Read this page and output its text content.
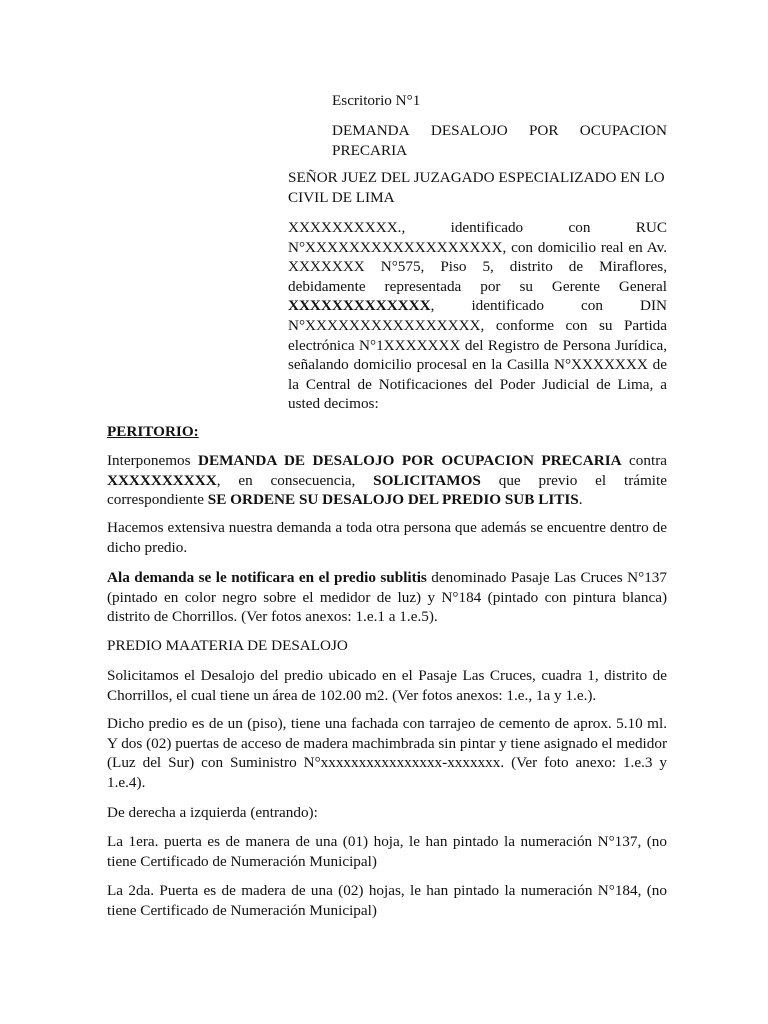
Escritorio N°1

DEMANDA DESALOJO POR OCUPACION
PRECARIA

SEÑOR JUEZ DEL JUZAGADO ESPECIALIZADO EN LO CIVIL DE LIMA

XXXXXXXXXX., identificado con RUC N°XXXXXXXXXXXXXXXXXX, con domicilio real en Av. XXXXXXX N°575, Piso 5, distrito de Miraflores, debidamente representada por su Gerente General XXXXXXXXXXXXX, identificado con DIN N°XXXXXXXXXXXXXXXX, conforme con su Partida electrónica N°1XXXXXXX del Registro de Persona Jurídica, señalando domicilio procesal en la Casilla N°XXXXXXX de la Central de Notificaciones del Poder Judicial de Lima, a usted decimos:

PERITORIO:

Interponemos DEMANDA DE DESALOJO POR OCUPACION PRECARIA contra XXXXXXXXXX, en consecuencia, SOLICITAMOS que previo el trámite correspondiente SE ORDENE SU DESALOJO DEL PREDIO SUB LITIS.

Hacemos extensiva nuestra demanda a toda otra persona que además se encuentre dentro de dicho predio.

Ala demanda se le notificara en el predio sublitis denominado Pasaje Las Cruces N°137 (pintado en color negro sobre el medidor de luz) y N°184 (pintado con pintura blanca) distrito de Chorrillos. (Ver fotos anexos: 1.e.1 a 1.e.5).

PREDIO MAATERIA DE DESALOJO

Solicitamos el Desalojo del predio ubicado en el Pasaje Las Cruces, cuadra 1, distrito de Chorrillos, el cual tiene un área de 102.00 m2. (Ver fotos anexos: 1.e., 1a y 1.e.).

Dicho predio es de un (piso), tiene una fachada con tarrajeo de cemento de aprox. 5.10 ml. Y dos (02) puertas de acceso de madera machimbrada sin pintar y tiene asignado el medidor (Luz del Sur) con Suministro N°xxxxxxxxxxxxxxxx-xxxxxxx. (Ver foto anexo: 1.e.3 y 1.e.4).

De derecha a izquierda (entrando):

La 1era. puerta es de manera de una (01) hoja, le han pintado la numeración N°137, (no tiene Certificado de Numeración Municipal)

La 2da. Puerta es de madera de una (02) hojas, le han pintado la numeración N°184, (no tiene Certificado de Numeración Municipal)
